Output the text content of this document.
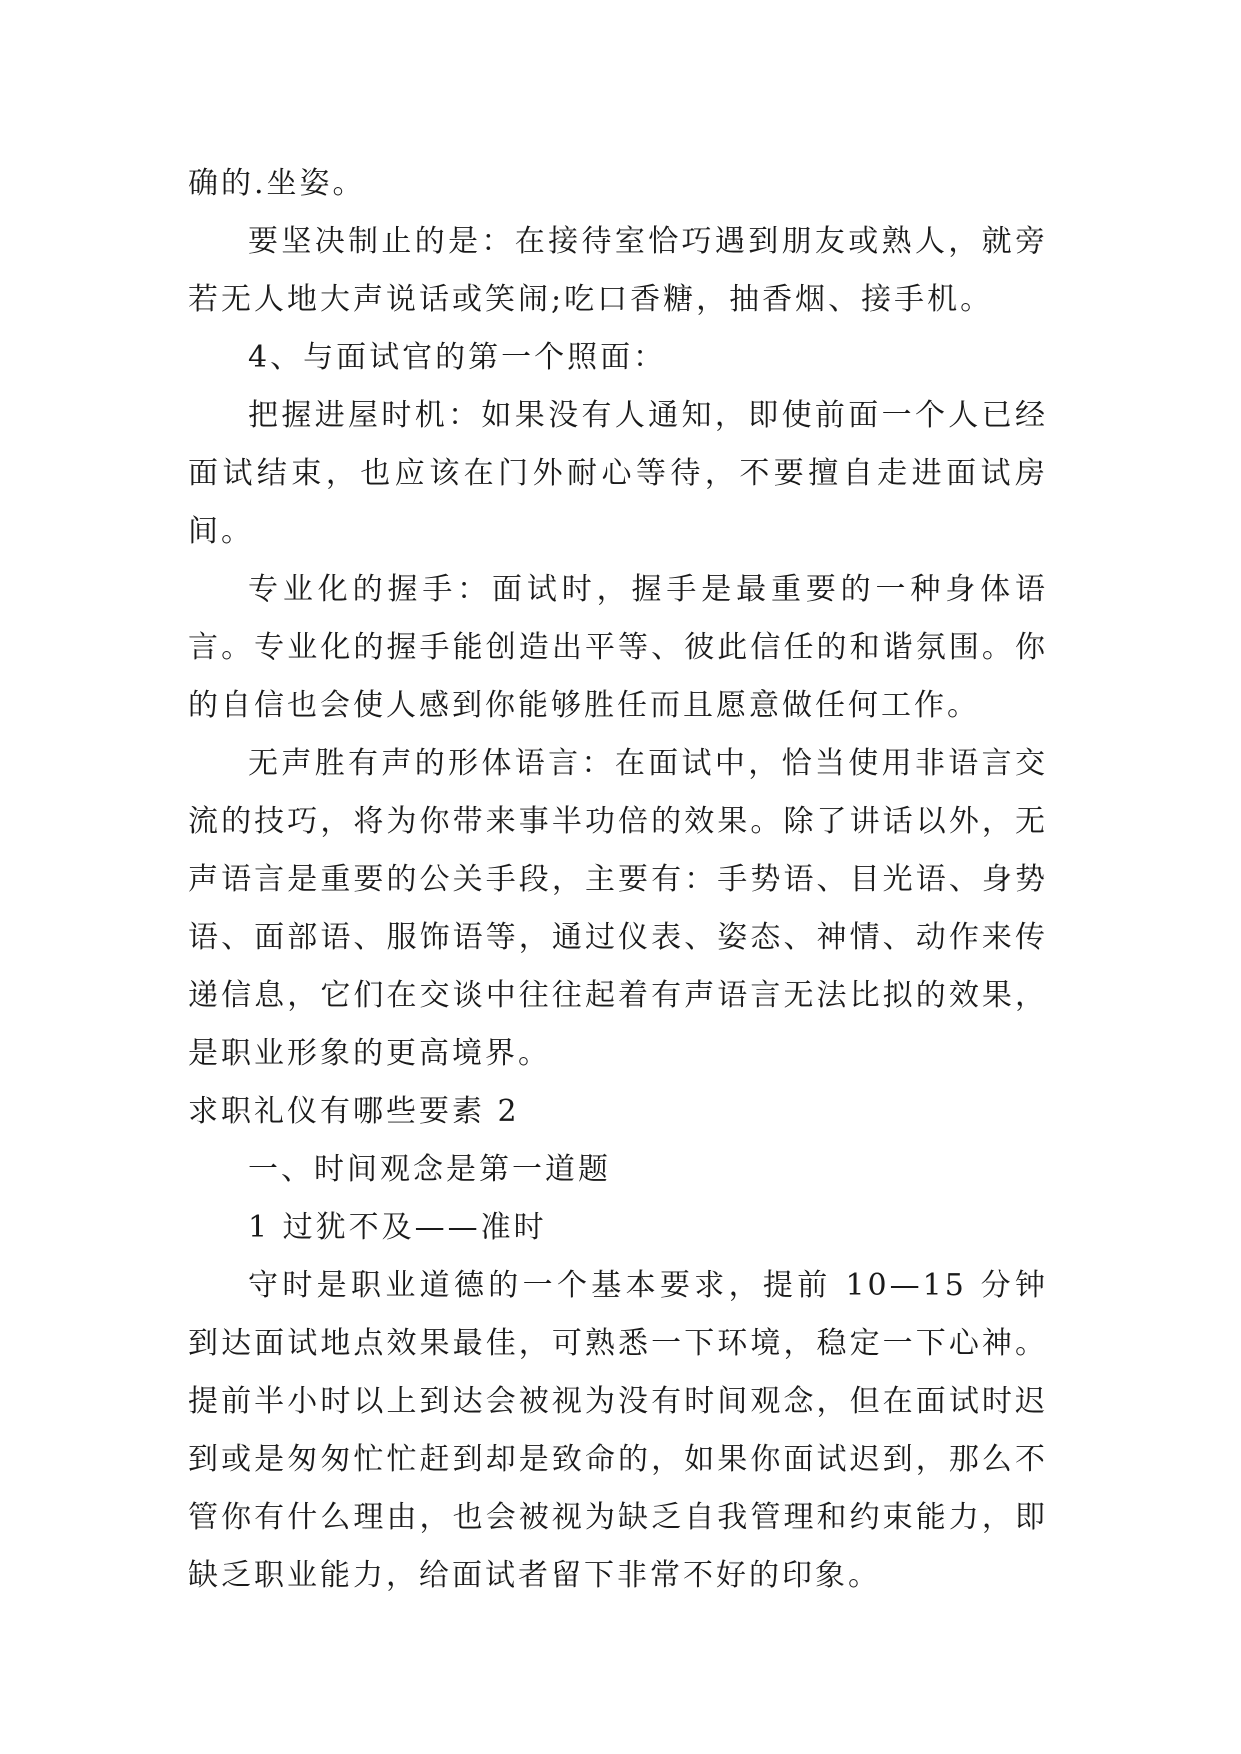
确的.坐姿。

要坚决制止的是：在接待室恰巧遇到朋友或熟人，就旁若无人地大声说话或笑闹;吃口香糖，抽香烟、接手机。

4、与面试官的第一个照面：

把握进屋时机：如果没有人通知，即使前面一个人已经面试结束，也应该在门外耐心等待，不要擅自走进面试房间。

专业化的握手：面试时，握手是最重要的一种身体语言。专业化的握手能创造出平等、彼此信任的和谐氛围。你的自信也会使人感到你能够胜任而且愿意做任何工作。

无声胜有声的形体语言：在面试中，恰当使用非语言交流的技巧，将为你带来事半功倍的效果。除了讲话以外，无声语言是重要的公关手段，主要有：手势语、目光语、身势语、面部语、服饰语等，通过仪表、姿态、神情、动作来传递信息，它们在交谈中往往起着有声语言无法比拟的效果，是职业形象的更高境界。

求职礼仪有哪些要素 2

一、时间观念是第一道题

1 过犹不及——准时

守时是职业道德的一个基本要求，提前 10—15 分钟到达面试地点效果最佳，可熟悉一下环境，稳定一下心神。提前半小时以上到达会被视为没有时间观念，但在面试时迟到或是匆匆忙忙赶到却是致命的，如果你面试迟到，那么不管你有什么理由，也会被视为缺乏自我管理和约束能力，即缺乏职业能力，给面试者留下非常不好的印象。
